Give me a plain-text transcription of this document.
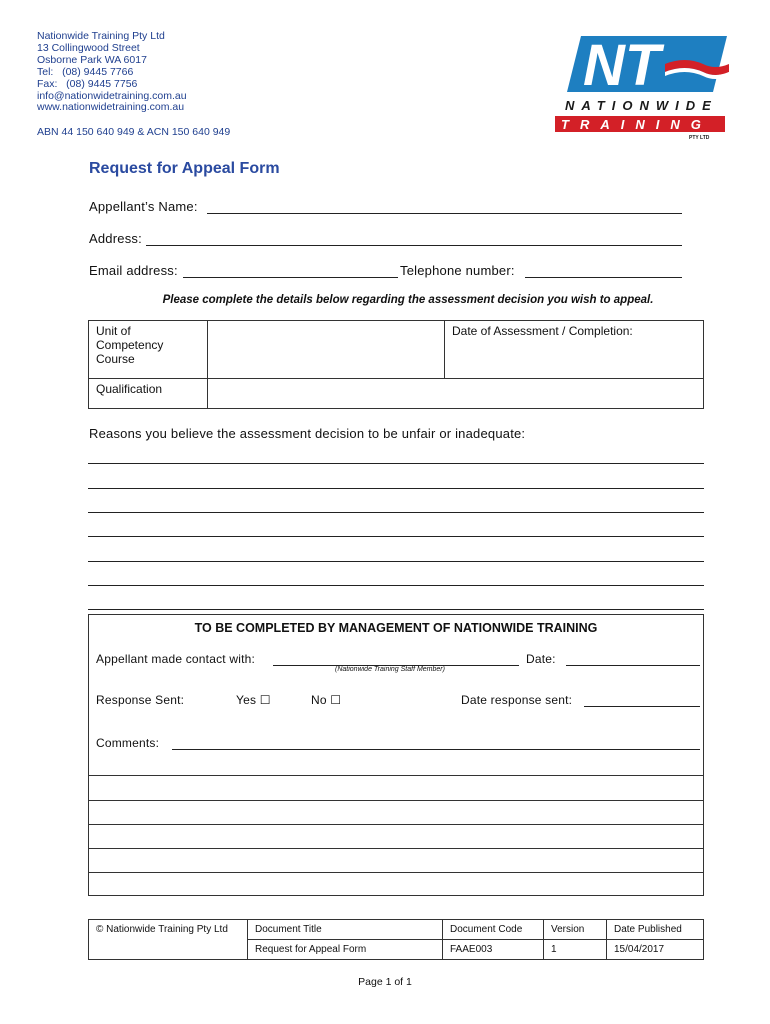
Nationwide Training Pty Ltd
13 Collingwood Street
Osborne Park WA 6017
Tel:   (08) 9445 7766
Fax:   (08) 9445 7756
info@nationwidetraining.com.au
www.nationwidetraining.com.au
ABN 44 150 640 949 & ACN 150 640 949
NT
NATIONWIDE
TRAINING
PTY LTD
Request for Appeal Form
Appellant’s Name:
Address:
Email address:	Telephone number:
Please complete the details below regarding the assessment decision you wish to appeal.
Unit of
Competency
Course		Date of Assessment / Completion:
Qualification		
Reasons you believe the assessment decision to be unfair or inadequate:
TO BE COMPLETED BY MANAGEMENT OF NATIONWIDE TRAINING
Appellant made contact with:
(Nationwide Training Staff Member)
Date:
Response Sent:	Yes ☐	No ☐	Date response sent:
Comments:
© Nationwide Training Pty Ltd	Document Title	Document Code	Version	Date Published
	Request for Appeal Form	FAAE003	1	15/04/2017
Page 1 of 1
